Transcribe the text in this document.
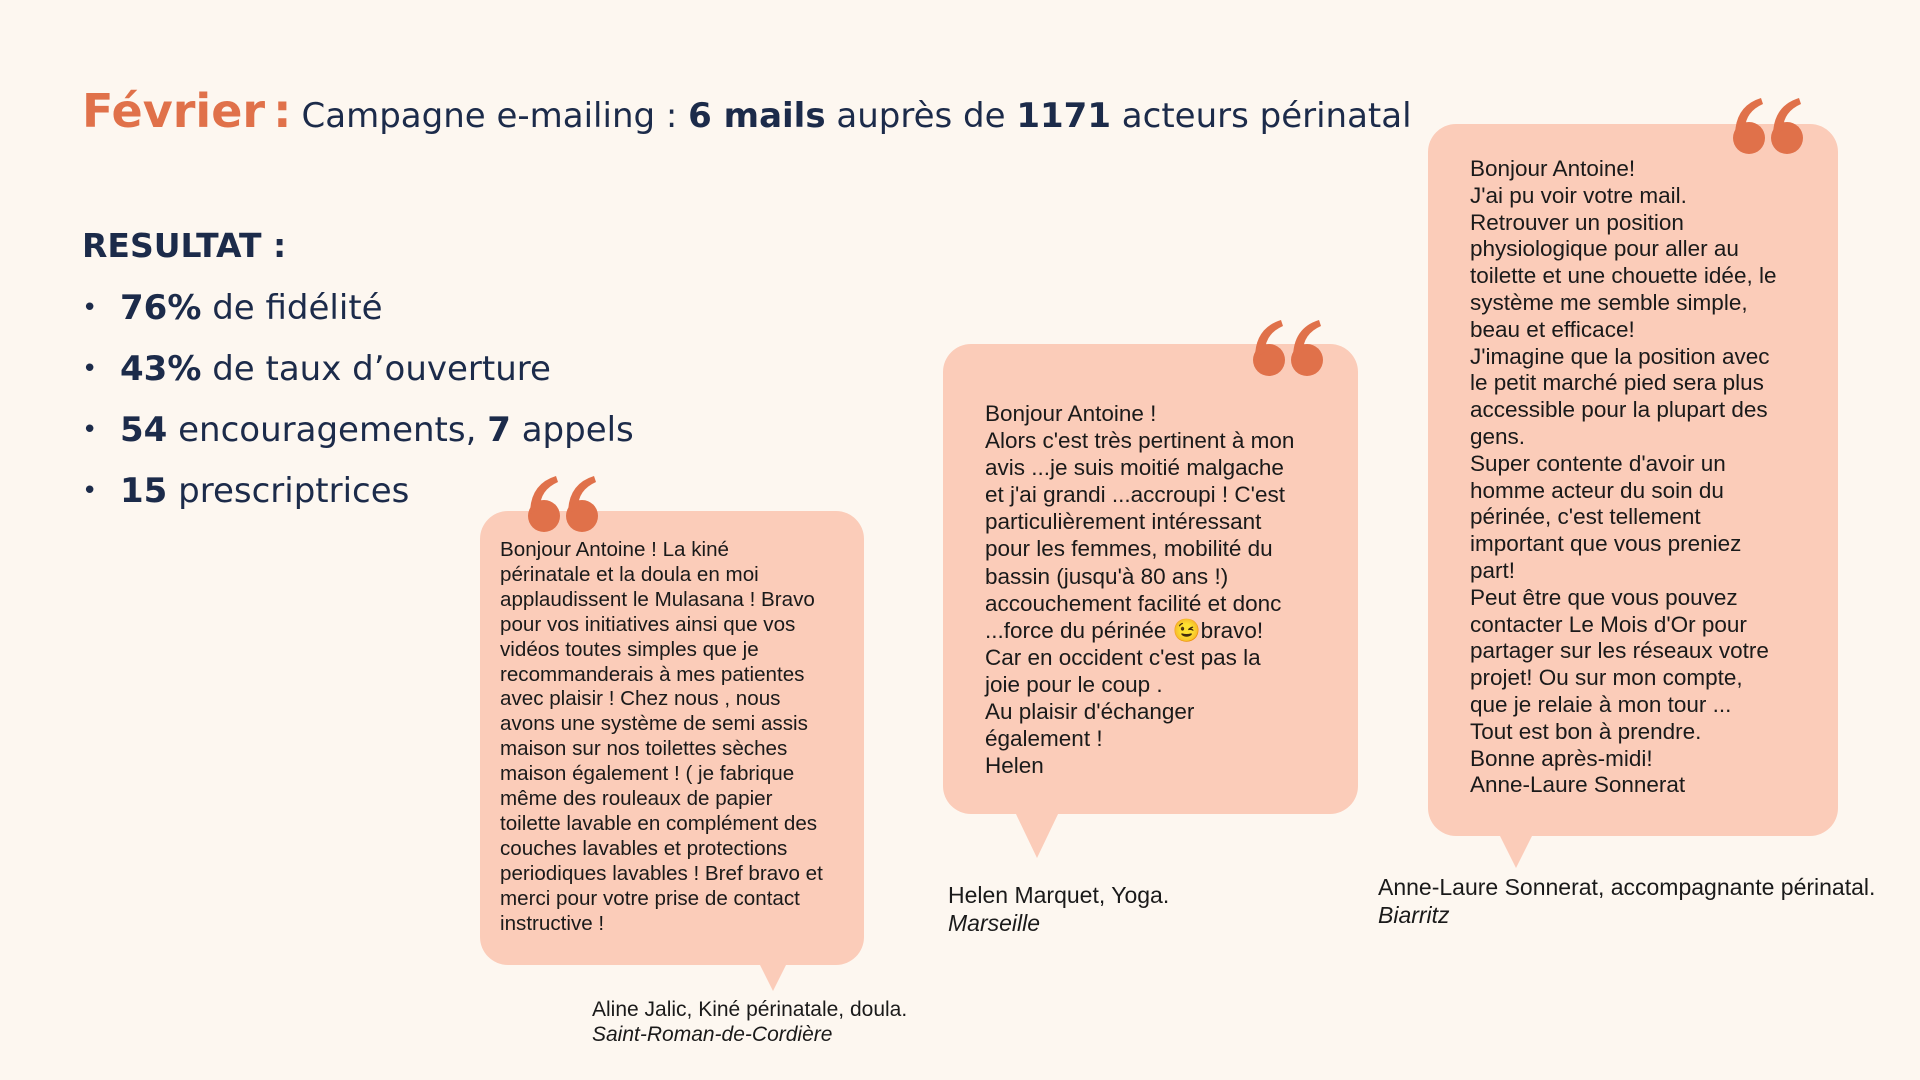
Février : Campagne e-mailing : 6 mails auprès de 1171 acteurs périnatal
RESULTAT :
• 76% de fidélité
• 43% de taux d’ouverture
• 54 encouragements, 7 appels
• 15 prescriptrices
Bonjour Antoine ! La kiné
périnatale et la doula en moi
applaudissent le Mulasana ! Bravo
pour vos initiatives ainsi que vos
vidéos toutes simples que je
recommanderais à mes patientes
avec plaisir ! Chez nous , nous
avons une système de semi assis
maison sur nos toilettes sèches
maison également ! ( je fabrique
même des rouleaux de papier
toilette lavable en complément des
couches lavables et protections
periodiques lavables ! Bref bravo et
merci pour votre prise de contact
instructive !
Aline Jalic, Kiné périnatale, doula.
Saint-Roman-de-Cordière
Bonjour Antoine !
Alors c'est très pertinent à mon
avis ...je suis moitié malgache
et j'ai grandi ...accroupi ! C'est
particulièrement intéressant
pour les femmes, mobilité du
bassin (jusqu'à 80 ans !)
accouchement facilité et donc
...force du périnée 😉bravo!
Car en occident c'est pas la
joie pour le coup .
Au plaisir d'échanger
également !
Helen
Helen Marquet, Yoga.
Marseille
Bonjour Antoine!
J'ai pu voir votre mail.
Retrouver un position
physiologique pour aller au
toilette et une chouette idée, le
système me semble simple,
beau et efficace!
J'imagine que la position avec
le petit marché pied sera plus
accessible pour la plupart des
gens.
Super contente d'avoir un
homme acteur du soin du
périnée, c'est tellement
important que vous preniez
part!
Peut être que vous pouvez
contacter Le Mois d'Or pour
partager sur les réseaux votre
projet! Ou sur mon compte,
que je relaie à mon tour ...
Tout est bon à prendre.
Bonne après-midi!
Anne-Laure Sonnerat
Anne-Laure Sonnerat, accompagnante périnatal.
Biarritz
